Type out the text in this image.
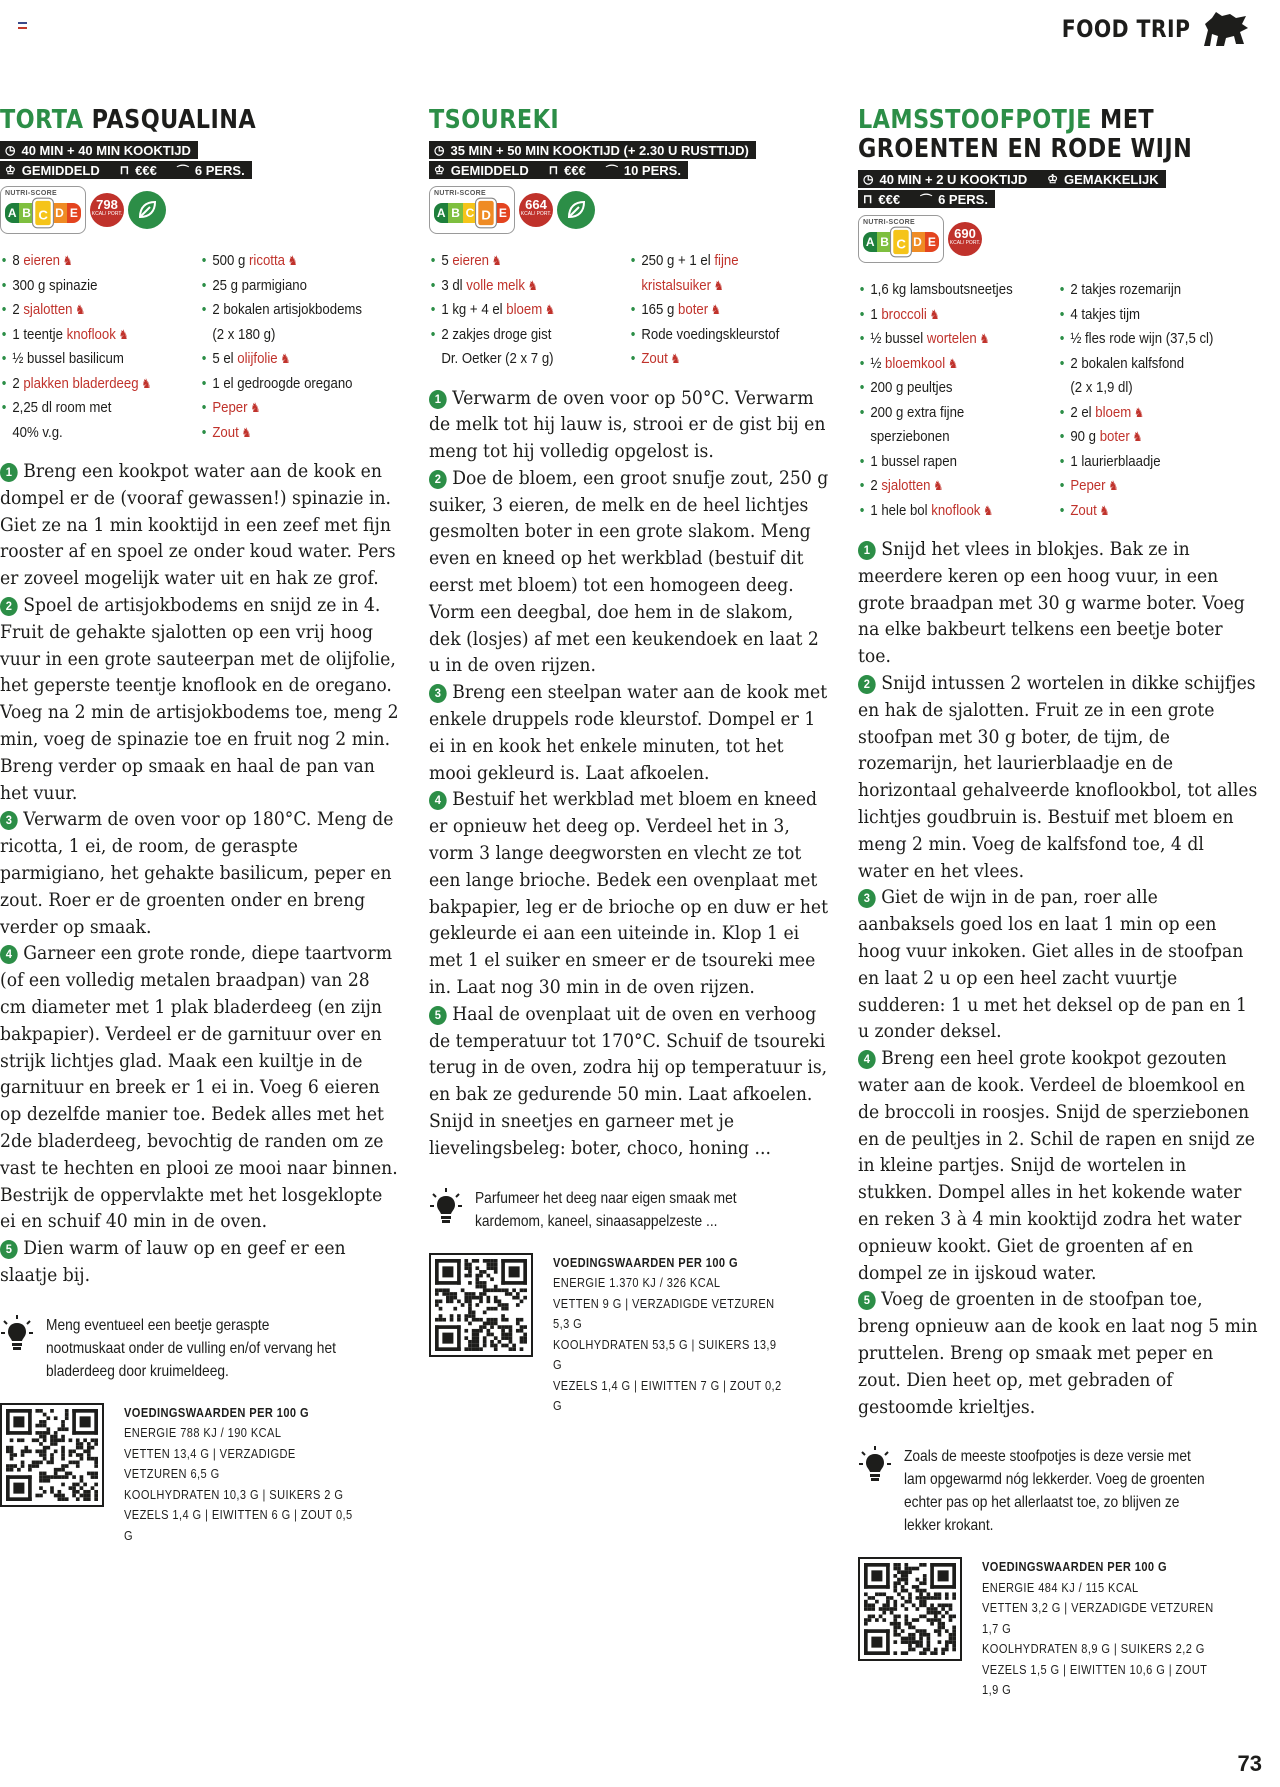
FOOD TRIP
TORTA PASQUALINA
◷ 40 MIN + 40 MIN KOOKTIJD
♔ GEMIDDELD ⊓ €€€ ⌒ 6 PERS.
NUTRI-SCORE
A B C D E
798
KCAL/ PORT.
• 8 eieren ♞
• 300 g spinazie
• 2 sjalotten ♞
• 1 teentje knoflook ♞
• ½ bussel basilicum
• 2 plakken bladerdeeg ♞
• 2,25 dl room met
40% v.g.
• 500 g ricotta ♞
• 25 g parmigiano
• 2 bokalen artisjokbodems
(2 x 180 g)
• 5 el olijfolie ♞
• 1 el gedroogde oregano
• Peper ♞
• Zout ♞
1 Breng een kookpot water aan de kook en dompel er de (vooraf gewassen!) spinazie in. Giet ze na 1 min kooktijd in een zeef met fijn rooster af en spoel ze onder koud water. Pers er zoveel mogelijk water uit en hak ze grof.
2 Spoel de artisjokbodems en snijd ze in 4. Fruit de gehakte sjalotten op een vrij hoog vuur in een grote sauteerpan met de olijfolie, het geperste teentje knoflook en de oregano. Voeg na 2 min de artisjokbodems toe, meng 2 min, voeg de spinazie toe en fruit nog 2 min. Breng verder op smaak en haal de pan van het vuur.
3 Verwarm de oven voor op 180°C. Meng de ricotta, 1 ei, de room, de geraspte parmigiano, het gehakte basilicum, peper en zout. Roer er de groenten onder en breng verder op smaak.
4 Garneer een grote ronde, diepe taartvorm (of een volledig metalen braadpan) van 28 cm diameter met 1 plak bladerdeeg (en zijn bakpapier). Verdeel er de garnituur over en strijk lichtjes glad. Maak een kuiltje in de garnituur en breek er 1 ei in. Voeg 6 eieren op dezelfde manier toe. Bedek alles met het 2de bladerdeeg, bevochtig de randen om ze vast te hechten en plooi ze mooi naar binnen. Bestrijk de oppervlakte met het losgeklopte ei en schuif 40 min in de oven.
5 Dien warm of lauw op en geef er een slaatje bij.

Meng eventueel een beetje geraspte nootmuskaat onder de vulling en/of vervang het bladerdeeg door kruimeldeeg.
VOEDINGSWAARDEN PER 100 G
ENERGIE 788 KJ / 190 KCAL
VETTEN 13,4 G | VERZADIGDE VETZUREN 6,5 G
KOOLHYDRATEN 10,3 G | SUIKERS 2 G
VEZELS 1,4 G | EIWITTEN 6 G | ZOUT 0,5 G
TSOUREKI
◷ 35 MIN + 50 MIN KOOKTIJD (+ 2.30 U RUSTTIJD)
♔ GEMIDDELD ⊓ €€€ ⌒ 10 PERS.
NUTRI-SCORE
A B C D E
664
KCAL/ PORT.
• 5 eieren ♞
• 3 dl volle melk ♞
• 1 kg + 4 el bloem ♞
• 2 zakjes droge gist
Dr. Oetker (2 x 7 g)
• 250 g + 1 el fijne
kristalsuiker ♞
• 165 g boter ♞
• Rode voedingskleurstof
• Zout ♞
1 Verwarm de oven voor op 50°C. Verwarm de melk tot hij lauw is, strooi er de gist bij en meng tot hij volledig opgelost is.
2 Doe de bloem, een groot snufje zout, 250 g suiker, 3 eieren, de melk en de heel lichtjes gesmolten boter in een grote slakom. Meng even en kneed op het werkblad (bestuif dit eerst met bloem) tot een homogeen deeg. Vorm een deegbal, doe hem in de slakom, dek (losjes) af met een keukendoek en laat 2 u in de oven rijzen.
3 Breng een steelpan water aan de kook met enkele druppels rode kleurstof. Dompel er 1 ei in en kook het enkele minuten, tot het mooi gekleurd is. Laat afkoelen.
4 Bestuif het werkblad met bloem en kneed er opnieuw het deeg op. Verdeel het in 3, vorm 3 lange deegworsten en vlecht ze tot een lange brioche. Bedek een ovenplaat met bakpapier, leg er de brioche op en duw er het gekleurde ei aan een uiteinde in. Klop 1 ei met 1 el suiker en smeer er de tsoureki mee in. Laat nog 30 min in de oven rijzen.
5 Haal de ovenplaat uit de oven en verhoog de temperatuur tot 170°C. Schuif de tsoureki terug in de oven, zodra hij op temperatuur is, en bak ze gedurende 50 min. Laat afkoelen. Snijd in sneetjes en garneer met je lievelingsbeleg: boter, choco, honing ...

Parfumeer het deeg naar eigen smaak met kardemom, kaneel, sinaasappelzeste ...
VOEDINGSWAARDEN PER 100 G
ENERGIE 1.370 KJ / 326 KCAL
VETTEN 9 G | VERZADIGDE VETZUREN 5,3 G
KOOLHYDRATEN 53,5 G | SUIKERS 13,9 G
VEZELS 1,4 G | EIWITTEN 7 G | ZOUT 0,2 G
LAMSSTOOFPOTJE MET GROENTEN EN RODE WIJN
◷ 40 MIN + 2 U KOOKTIJD ♔ GEMAKKELIJK
⊓ €€€ ⌒ 6 PERS.
NUTRI-SCORE
A B C D E
690
KCAL/ PORT.
• 1,6 kg lamsboutsneetjes
• 1 broccoli ♞
• ½ bussel wortelen ♞
• ½ bloemkool ♞
• 200 g peultjes
• 200 g extra fijne
sperziebonen
• 1 bussel rapen
• 2 sjalotten ♞
• 1 hele bol knoflook ♞
• 2 takjes rozemarijn
• 4 takjes tijm
• ½ fles rode wijn (37,5 cl)
• 2 bokalen kalfsfond
(2 x 1,9 dl)
• 2 el bloem ♞
• 90 g boter ♞
• 1 laurierblaadje
• Peper ♞
• Zout ♞
1 Snijd het vlees in blokjes. Bak ze in meerdere keren op een hoog vuur, in een grote braadpan met 30 g warme boter. Voeg na elke bakbeurt telkens een beetje boter toe.
2 Snijd intussen 2 wortelen in dikke schijfjes en hak de sjalotten. Fruit ze in een grote stoofpan met 30 g boter, de tijm, de rozemarijn, het laurierblaadje en de horizontaal gehalveerde knoflookbol, tot alles lichtjes goudbruin is. Bestuif met bloem en meng 2 min. Voeg de kalfsfond toe, 4 dl water en het vlees.
3 Giet de wijn in de pan, roer alle aanbaksels goed los en laat 1 min op een hoog vuur inkoken. Giet alles in de stoofpan en laat 2 u op een heel zacht vuurtje sudderen: 1 u met het deksel op de pan en 1 u zonder deksel.
4 Breng een heel grote kookpot gezouten water aan de kook. Verdeel de bloemkool en de broccoli in roosjes. Snijd de sperziebonen en de peultjes in 2. Schil de rapen en snijd ze in kleine partjes. Snijd de wortelen in stukken. Dompel alles in het kokende water en reken 3 à 4 min kooktijd zodra het water opnieuw kookt. Giet de groenten af en dompel ze in ijskoud water.
5 Voeg de groenten in de stoofpan toe, breng opnieuw aan de kook en laat nog 5 min pruttelen. Breng op smaak met peper en zout. Dien heet op, met gebraden of gestoomde krieltjes.

Zoals de meeste stoofpotjes is deze versie met lam opgewarmd nóg lekkerder. Voeg de groenten echter pas op het allerlaatst toe, zo blijven ze lekker krokant.
VOEDINGSWAARDEN PER 100 G
ENERGIE 484 KJ / 115 KCAL
VETTEN 3,2 G | VERZADIGDE VETZUREN 1,7 G
KOOLHYDRATEN 8,9 G | SUIKERS 2,2 G
VEZELS 1,5 G | EIWITTEN 10,6 G | ZOUT 1,9 G
73
